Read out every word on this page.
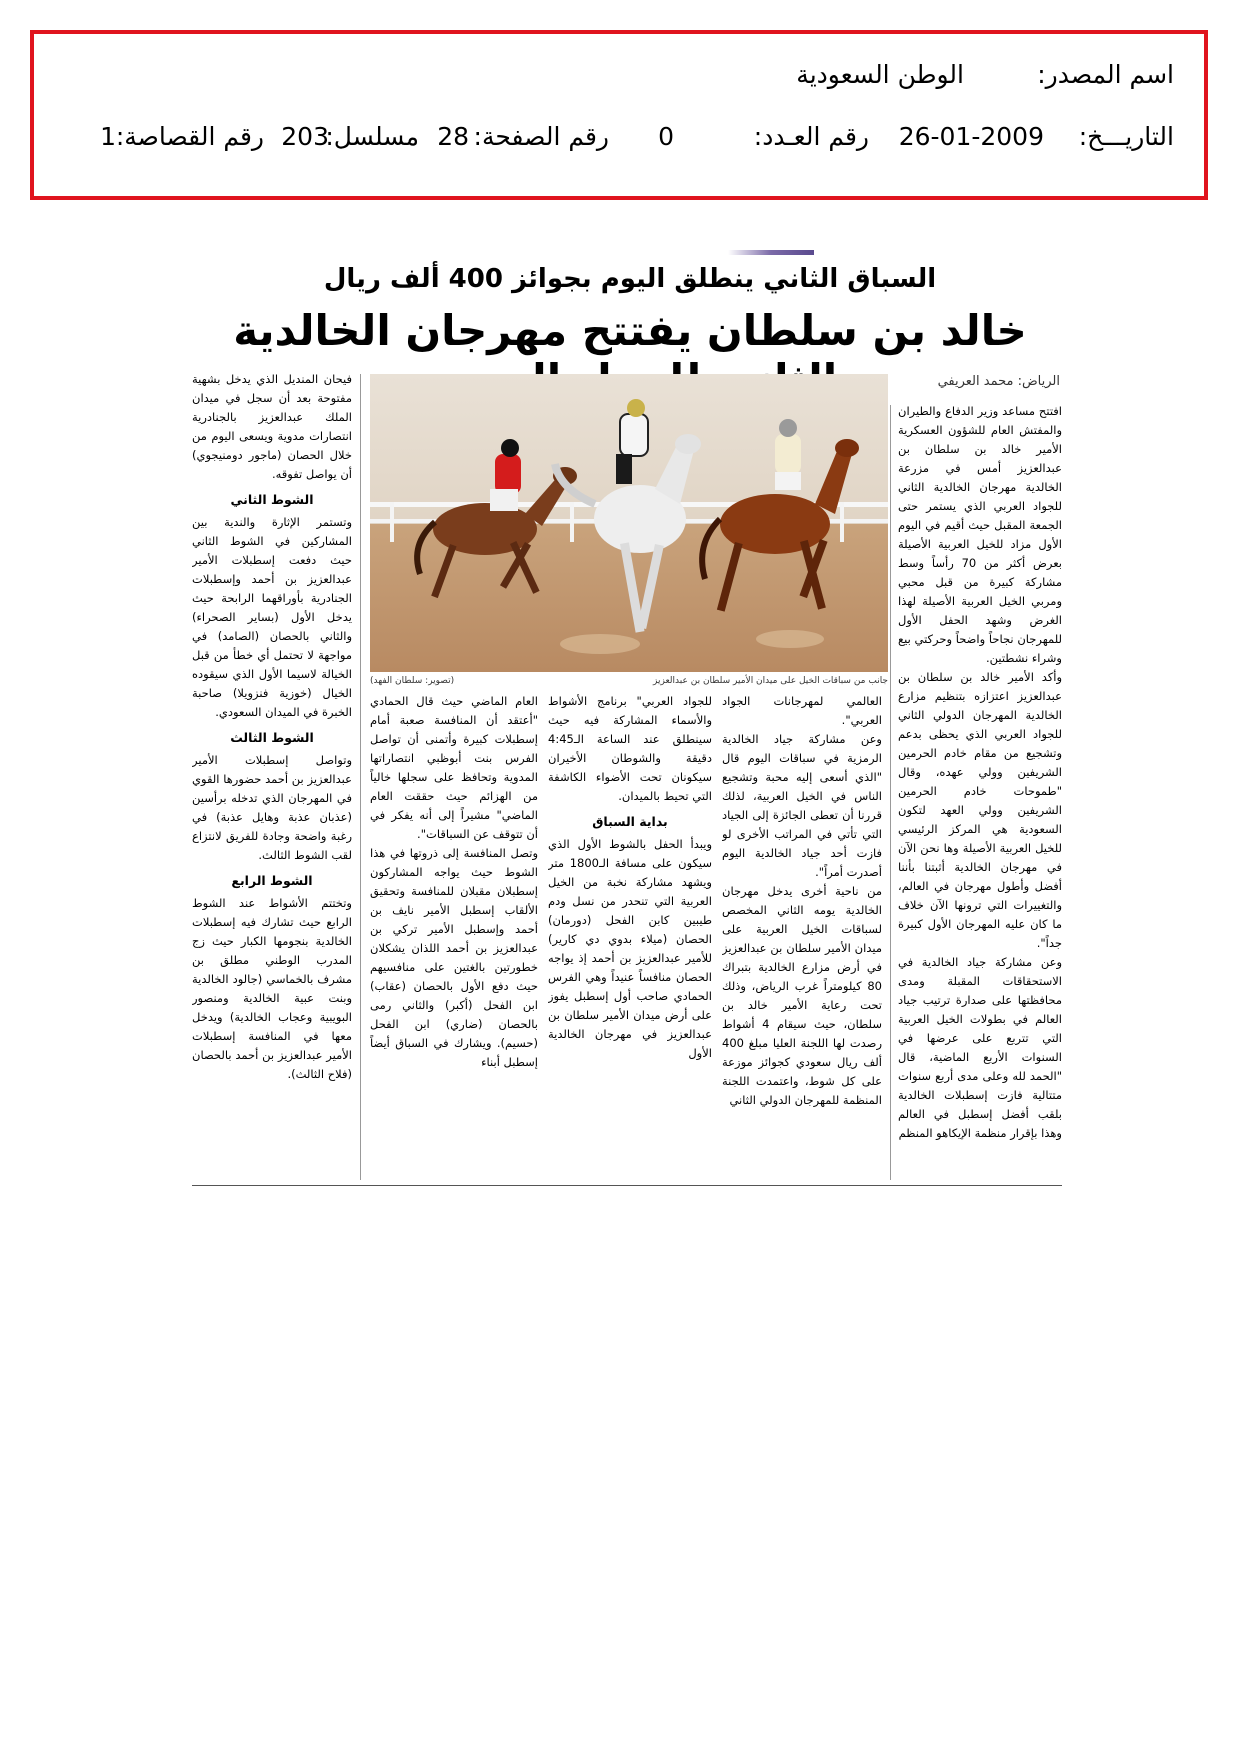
اسم المصدر:
الوطن السعودية
التاريـــخ:
26-01-2009
رقم العـدد:
0
رقم الصفحة:
28
مسلسل:
203
رقم القصاصة:
1
السباق الثاني ينطلق اليوم بجوائز 400 ألف ريال
خالد بن سلطان يفتتح مهرجان الخالدية
الرياض: محمد العريفي
(تصوير: سلطان الفهد)	جانب من سباقات الخيل على ميدان الأمير سلطان بن عبدالعزيز

افتتح مساعد وزير الدفاع والطيران والمفتش العام للشؤون العسكرية الأمير خالد بن سلطان بن عبدالعزيز أمس في مزرعة الخالدية مهرجان الخالدية الثاني للجواد العربي الذي يستمر حتى الجمعة المقبل حيث أقيم في اليوم الأول مزاد للخيل العربية الأصيلة بعرض أكثر من 70 رأساً وسط مشاركة كبيرة من قبل محبي ومربي الخيل العربية الأصيلة لهذا الغرض وشهد الحفل الأول للمهرجان نجاحاً واضحاً وحركتي بيع وشراء نشطتين.

وأكد الأمير خالد بن سلطان بن عبدالعزيز اعتزازه بتنظيم مزارع الخالدية المهرجان الدولي الثاني للجواد العربي الذي يحظى بدعم وتشجيع من مقام خادم الحرمين الشريفين وولي عهده، وقال "طموحات خادم الحرمين الشريفين وولي العهد لتكون السعودية هي المركز الرئيسي للخيل العربية الأصيلة وها نحن الآن في مهرجان الخالدية أثبتنا بأننا أفضل وأطول مهرجان في العالم، والتغييرات التي ترونها الآن خلاف ما كان عليه المهرجان الأول كبيرة جداً".

وعن مشاركة جياد الخالدية في الاستحقاقات المقبلة ومدى محافظتها على صدارة ترتيب جياد العالم في بطولات الخيل العربية التي تتربع على عرضها في السنوات الأربع الماضية، قال "الحمد لله وعلى مدى أربع سنوات متتالية فازت إسطبلات الخالدية بلقب أفضل إسطبل في العالم وهذا بإقرار منظمة الإيكاهو المنظم

العالمي لمهرجانات الجواد العربي".

وعن مشاركة جياد الخالدية الرمزية في سباقات اليوم قال "الذي أسعى إليه محبة وتشجيع الناس في الخيل العربية، لذلك قررنا أن تعطى الجائزة إلى الجياد التي تأتي في المراتب الأخرى لو فازت أحد جياد الخالدية اليوم أصدرت أمراً".

من ناحية أخرى يدخل مهرجان الخالدية يومه الثاني المخصص لسباقات الخيل العربية على ميدان الأمير سلطان بن عبدالعزيز في أرض مزارع الخالدية بتبراك 80 كيلومتراً غرب الرياض، وذلك تحت رعاية الأمير خالد بن سلطان، حيث سيقام 4 أشواط رصدت لها اللجنة العليا مبلغ 400 ألف ريال سعودي كجوائز موزعة على كل شوط، واعتمدت اللجنة المنظمة للمهرجان الدولي الثاني

للجواد العربي" برنامج الأشواط والأسماء المشاركة فيه حيث سينطلق عند الساعة الـ4:45 دقيقة والشوطان الأخيران سيكونان تحت الأضواء الكاشفة التي تحيط بالميدان.

بداية السباق

ويبدأ الحفل بالشوط الأول الذي سيكون على مسافة الـ1800 متر ويشهد مشاركة نخبة من الخيل العربية التي تنحدر من نسل ودم طيبين كابن الفحل (دورمان) الحصان (ميلاء بدوي دي كارير) للأمير عبدالعزيز بن أحمد إذ يواجه الحصان منافساً عنيداً وهي الفرس الحمادي صاحب أول إسطبل يفوز على أرض ميدان الأمير سلطان بن عبدالعزيز في مهرجان الخالدية الأول

العام الماضي حيث قال الحمادي "أعتقد أن المنافسة صعبة أمام إسطبلات كبيرة وأتمنى أن تواصل الفرس بنت أبوظبي انتصاراتها المدوية وتحافظ على سجلها خالياً من الهزائم حيث حققت العام الماضي" مشيراً إلى أنه يفكر في أن تتوقف عن السباقات".

وتصل المنافسة إلى ذروتها في هذا الشوط حيث يواجه المشاركون إسطبلان مقبلان للمنافسة وتحقيق الألقاب إسطبل الأمير نايف بن أحمد وإسطبل الأمير تركي بن عبدالعزيز بن أحمد اللذان يشكلان خطورتين بالغتين على منافسيهم حيث دفع الأول بالحصان (عقاب) ابن الفحل (أكبر) والثاني رمى بالحصان (ضاري) ابن الفحل (حسيم). ويشارك في السباق أيضاً إسطبل أبناء

فيحان المنديل الذي يدخل بشهية مفتوحة بعد أن سجل في ميدان الملك عبدالعزيز بالجنادرية انتصارات مدوية ويسعى اليوم من خلال الحصان (ماجور دومنيجوي) أن يواصل تفوقه.

الشوط الثاني

وتستمر الإثارة والندية بين المشاركين في الشوط الثاني حيث دفعت إسطبلات الأمير عبدالعزيز بن أحمد وإسطبلات الجنادرية بأوراقهما الرابحة حيث يدخل الأول (بساير الصحراء) والثاني بالحصان (الصامد) في مواجهة لا تحتمل أي خطأ من قبل الخيالة لاسيما الأول الذي سيقوده الخيال (خوزية فنزويلا) صاحبة الخبرة في الميدان السعودي.

الشوط الثالث

وتواصل إسطبلات الأمير عبدالعزيز بن أحمد حضورها القوي في المهرجان الذي تدخله برأسين (عذبان عذبة وهايل عذبة) في رغبة واضحة وجادة للفريق لانتزاع لقب الشوط الثالث.

الشوط الرابع

وتختتم الأشواط عند الشوط الرابع حيث تشارك فيه إسطبلات الخالدية بنجومها الكبار حيث زج المدرب الوطني مطلق بن مشرف بالخماسي (جالود الخالدية وبنت عبية الخالدية ومنصور البويبية وعجاب الخالدية) ويدخل معها في المنافسة إسطبلات الأمير عبدالعزيز بن أحمد بالحصان (فلاح الثالث).
